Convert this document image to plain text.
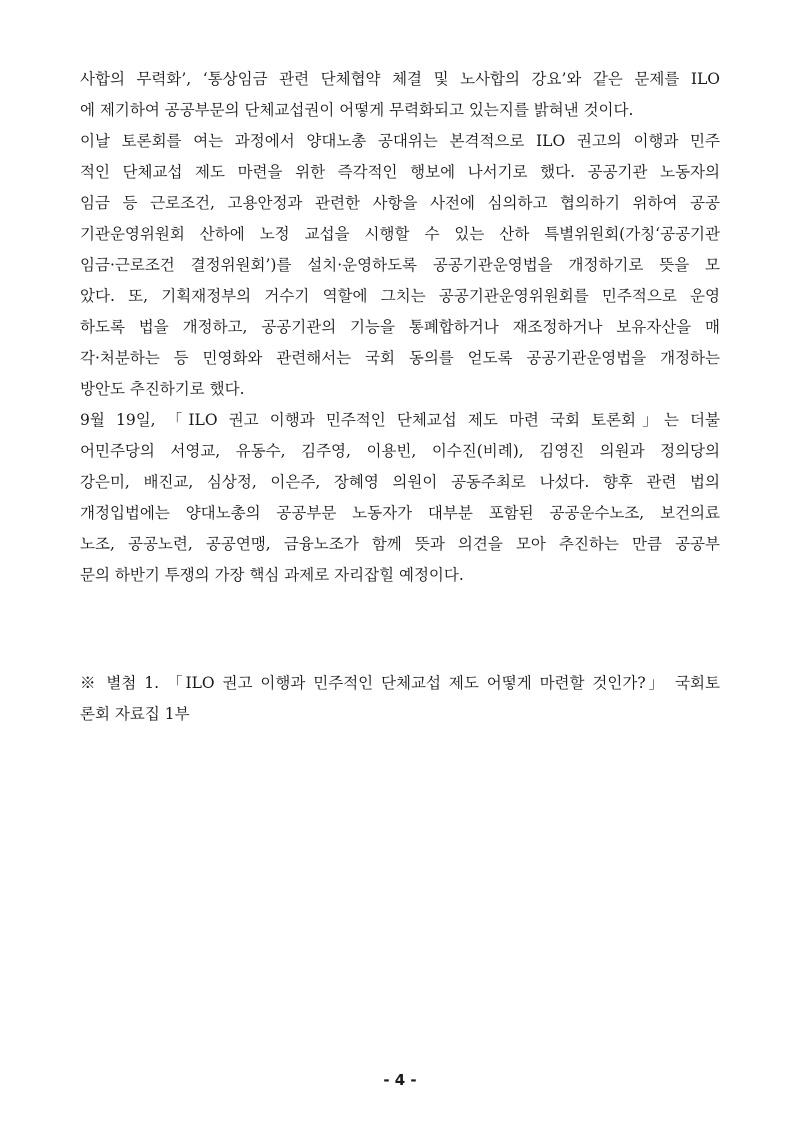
사합의 무력화’, ‘통상임금 관련 단체협약 체결 및 노사합의 강요’와 같은 문제를 ILO
에 제기하여 공공부문의 단체교섭권이 어떻게 무력화되고 있는지를 밝혀낸 것이다.
이날 토론회를 여는 과정에서 양대노총 공대위는 본격적으로 ILO 권고의 이행과 민주
적인 단체교섭 제도 마련을 위한 즉각적인 행보에 나서기로 했다. 공공기관 노동자의
임금 등 근로조건, 고용안정과 관련한 사항을 사전에 심의하고 협의하기 위하여 공공
기관운영위원회 산하에 노정 교섭을 시행할 수 있는 산하 특별위원회(가칭‘공공기관
임금·근로조건 결정위원회’)를 설치·운영하도록 공공기관운영법을 개정하기로 뜻을 모
았다. 또, 기획재정부의 거수기 역할에 그치는 공공기관운영위원회를 민주적으로 운영
하도록 법을 개정하고, 공공기관의 기능을 통폐합하거나 재조정하거나 보유자산을 매
각·처분하는 등 민영화와 관련해서는 국회 동의를 얻도록 공공기관운영법을 개정하는
방안도 추진하기로 했다.
9월 19일, 「ILO 권고 이행과 민주적인 단체교섭 제도 마련 국회 토론회」는 더불
어민주당의 서영교, 유동수, 김주영, 이용빈, 이수진(비례), 김영진 의원과 정의당의
강은미, 배진교, 심상정, 이은주, 장혜영 의원이 공동주최로 나섰다. 향후 관련 법의
개정입법에는 양대노총의 공공부문 노동자가 대부분 포함된 공공운수노조, 보건의료
노조, 공공노련, 공공연맹, 금융노조가 함께 뜻과 의견을 모아 추진하는 만큼 공공부
문의 하반기 투쟁의 가장 핵심 과제로 자리잡힐 예정이다.
※ 별첨 1. 「ILO 권고 이행과 민주적인 단체교섭 제도 어떻게 마련할 것인가?」 국회토
론회 자료집 1부
- 4 -
